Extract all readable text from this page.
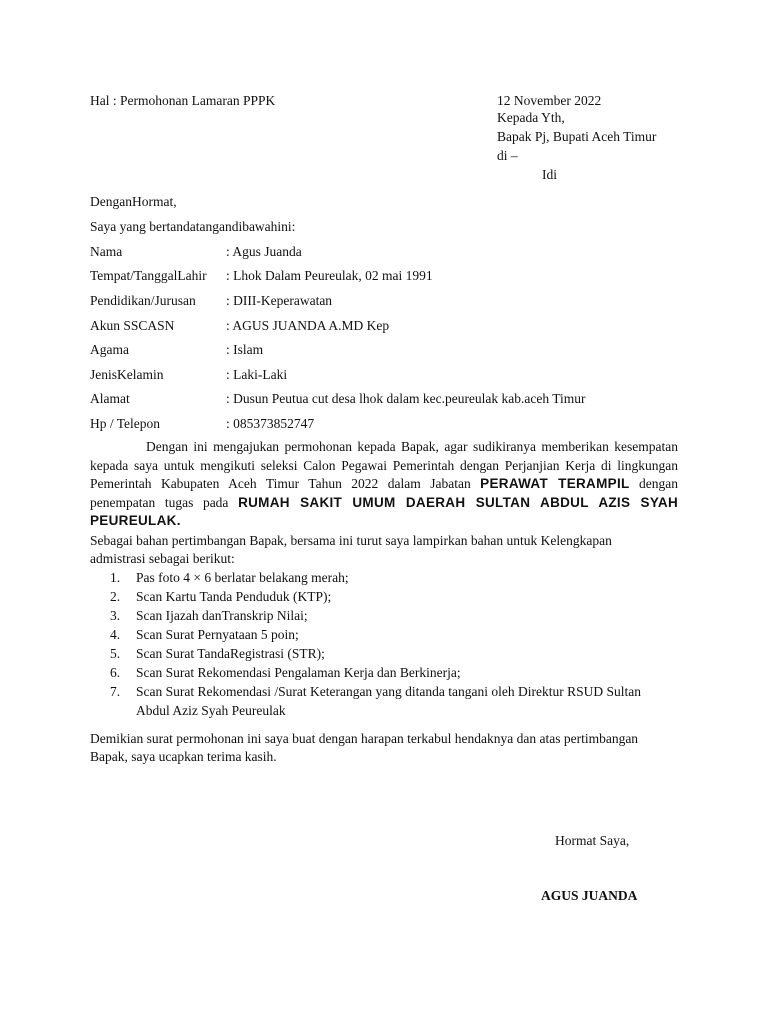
Hal : Permohonan Lamaran PPPK	12 November 2022
Kepada Yth,
Bapak Pj, Bupati Aceh Timur
di –
Idi
DenganHormat,
Saya yang bertandatangandibawahini:
Nama	: Agus Juanda
Tempat/TanggalLahir : Lhok Dalam Peureulak, 02 mai 1991
Pendidikan/Jurusan : DIII-Keperawatan
Akun SSCASN	: AGUS JUANDA A.MD Kep
Agama	: Islam
JenisKelamin	: Laki-Laki
Alamat	: Dusun Peutua cut desa lhok dalam kec.peureulak kab.aceh Timur
Hp / Telepon	: 085373852747
Dengan ini mengajukan permohonan kepada Bapak, agar sudikiranya memberikan kesempatan kepada saya untuk mengikuti seleksi Calon Pegawai Pemerintah dengan Perjanjian Kerja di lingkungan Pemerintah Kabupaten Aceh Timur Tahun 2022 dalam Jabatan PERAWAT TERAMPIL dengan penempatan tugas pada RUMAH SAKIT UMUM DAERAH SULTAN ABDUL AZIS SYAH PEUREULAK.
Sebagai bahan pertimbangan Bapak, bersama ini turut saya lampirkan bahan untuk Kelengkapan
admistrasi sebagai berikut:
1. Pas foto 4 × 6 berlatar belakang merah;
2. Scan Kartu Tanda Penduduk (KTP);
3. Scan Ijazah danTranskrip Nilai;
4. Scan Surat Pernyataan 5 poin;
5. Scan Surat TandaRegistrasi (STR);
6. Scan Surat Rekomendasi Pengalaman Kerja dan Berkinerja;
7. Scan Surat Rekomendasi /Surat Keterangan yang ditanda tangani oleh Direktur RSUD Sultan
Abdul Aziz Syah Peureulak
Demikian surat permohonan ini saya buat dengan harapan terkabul hendaknya dan atas pertimbangan
Bapak, saya ucapkan terima kasih.
Hormat Saya,
AGUS JUANDA
